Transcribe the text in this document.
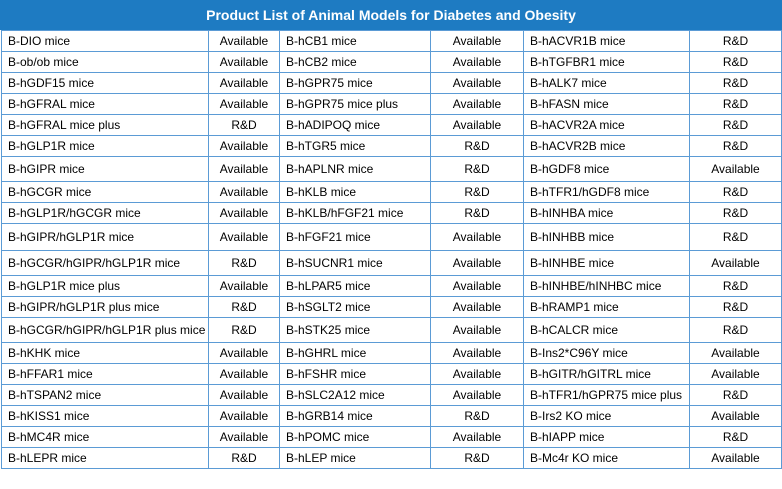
Product List of Animal Models for Diabetes and Obesity
B-DIO mice	Available	B-hCB1 mice	Available	B-hACVR1B mice	R&D
B-ob/ob mice	Available	B-hCB2 mice	Available	B-hTGFBR1 mice	R&D
B-hGDF15 mice	Available	B-hGPR75 mice	Available	B-hALK7 mice	R&D
B-hGFRAL mice	Available	B-hGPR75 mice plus	Available	B-hFASN mice	R&D
B-hGFRAL mice plus	R&D	B-hADIPOQ mice	Available	B-hACVR2A mice	R&D
B-hGLP1R mice	Available	B-hTGR5 mice	R&D	B-hACVR2B mice	R&D
B-hGIPR mice	Available	B-hAPLNR mice	R&D	B-hGDF8 mice	Available
B-hGCGR mice	Available	B-hKLB mice	R&D	B-hTFR1/hGDF8 mice	R&D
B-hGLP1R/hGCGR mice	Available	B-hKLB/hFGF21 mice	R&D	B-hINHBA mice	R&D
B-hGIPR/hGLP1R mice	Available	B-hFGF21 mice	Available	B-hINHBB mice	R&D
B-hGCGR/hGIPR/hGLP1R mice	R&D	B-hSUCNR1 mice	Available	B-hINHBE mice	Available
B-hGLP1R mice plus	Available	B-hLPAR5 mice	Available	B-hINHBE/hINHBC mice	R&D
B-hGIPR/hGLP1R plus mice	R&D	B-hSGLT2 mice	Available	B-hRAMP1 mice	R&D
B-hGCGR/hGIPR/hGLP1R plus mice	R&D	B-hSTK25 mice	Available	B-hCALCR mice	R&D
B-hKHK mice	Available	B-hGHRL mice	Available	B-Ins2*C96Y mice	Available
B-hFFAR1 mice	Available	B-hFSHR mice	Available	B-hGITR/hGITRL mice	Available
B-hTSPAN2 mice	Available	B-hSLC2A12 mice	Available	B-hTFR1/hGPR75 mice plus	R&D
B-hKISS1 mice	Available	B-hGRB14 mice	R&D	B-Irs2 KO mice	Available
B-hMC4R mice	Available	B-hPOMC mice	Available	B-hIAPP mice	R&D
B-hLEPR mice	R&D	B-hLEP mice	R&D	B-Mc4r KO mice	Available
